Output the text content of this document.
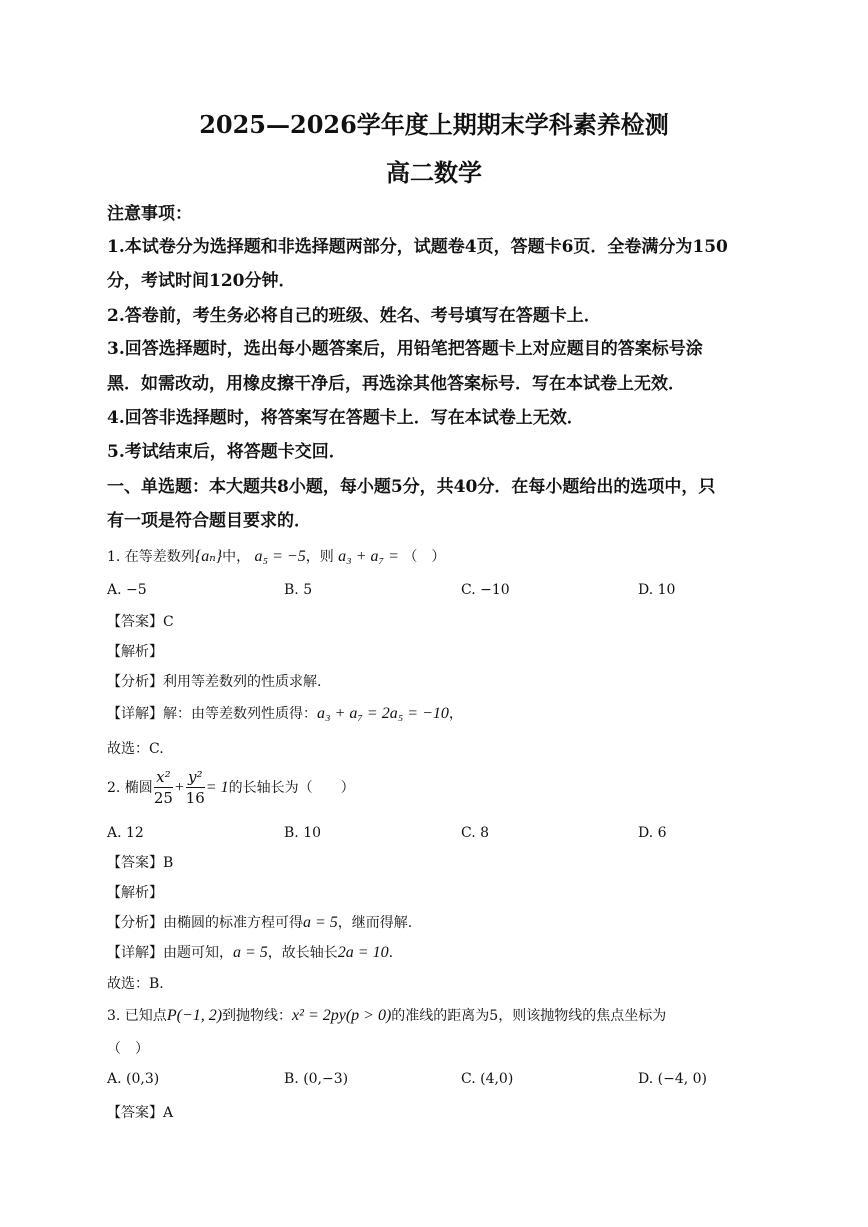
2025—2026学年度上期期末学科素养检测
高二数学
注意事项：
1.本试卷分为选择题和非选择题两部分，试题卷4页，答题卡6页．全卷满分为150
分，考试时间120分钟．
2.答卷前，考生务必将自己的班级、姓名、考号填写在答题卡上．
3.回答选择题时，选出每小题答案后，用铅笔把答题卡上对应题目的答案标号涂
黑．如需改动，用橡皮擦干净后，再选涂其他答案标号．写在本试卷上无效．
4.回答非选择题时，将答案写在答题卡上．写在本试卷上无效．
5.考试结束后，将答题卡交回．
一、单选题：本大题共8小题，每小题5分，共40分．在每小题给出的选项中，只
有一项是符合题目要求的．
1. 在等差数列{aₙ}中， a₅ = −5，则 a₃ + a₇ = （　）
A. −5	B. 5	C. −10	D. 10
【答案】C
【解析】
【分析】利用等差数列的性质求解.
【详解】解：由等差数列性质得：a₃ + a₇ = 2a₅ = −10，
故选：C.
2. 椭圆 $\frac{\text{x²}}{25} + \frac{\text{y²}}{16} = 1$的长轴长为（　　）
A. 12	B. 10	C. 8	D. 6
【答案】B
【解析】
【分析】由椭圆的标准方程可得a = 5，继而得解.
【详解】由题可知，a = 5，故长轴长2a = 10.
故选：B.
3. 已知点P(−1, 2)到抛物线：x² = 2py(p > 0)的准线的距离为5，则该抛物线的焦点坐标为
（　）
A. (0,3)	B. (0,−3)	C. (4,0)	D. (−4, 0)
【答案】A
